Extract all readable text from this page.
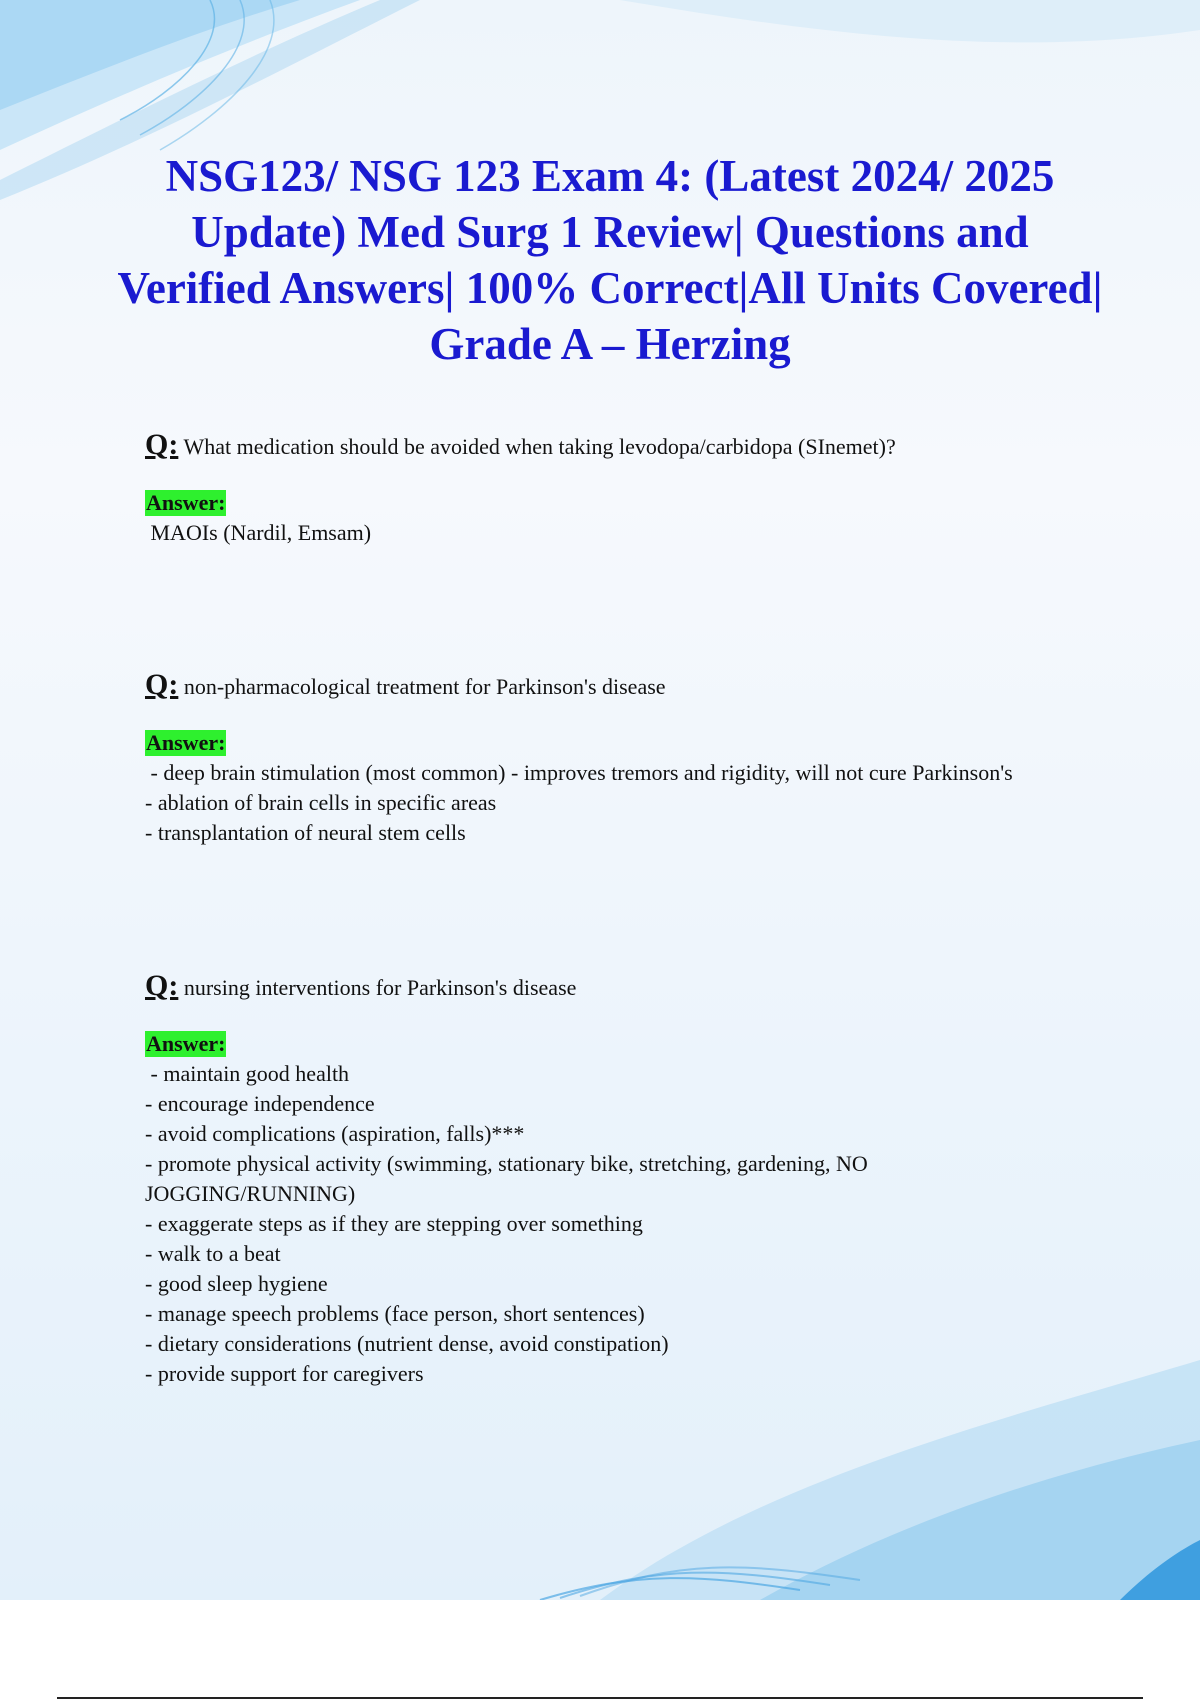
NSG123/ NSG 123 Exam 4: (Latest 2024/ 2025 Update) Med Surg 1 Review| Questions and Verified Answers| 100% Correct|All Units Covered| Grade A – Herzing

Q: What medication should be avoided when taking levodopa/carbidopa (SInemet)?

Answer:
MAOIs (Nardil, Emsam)

Q: non-pharmacological treatment for Parkinson's disease

Answer:
- deep brain stimulation (most common) - improves tremors and rigidity, will not cure Parkinson's
- ablation of brain cells in specific areas
- transplantation of neural stem cells

Q: nursing interventions for Parkinson's disease

Answer:
- maintain good health
- encourage independence
- avoid complications (aspiration, falls)***
- promote physical activity (swimming, stationary bike, stretching, gardening, NO JOGGING/RUNNING)
- exaggerate steps as if they are stepping over something
- walk to a beat
- good sleep hygiene
- manage speech problems (face person, short sentences)
- dietary considerations (nutrient dense, avoid constipation)
- provide support for caregivers
